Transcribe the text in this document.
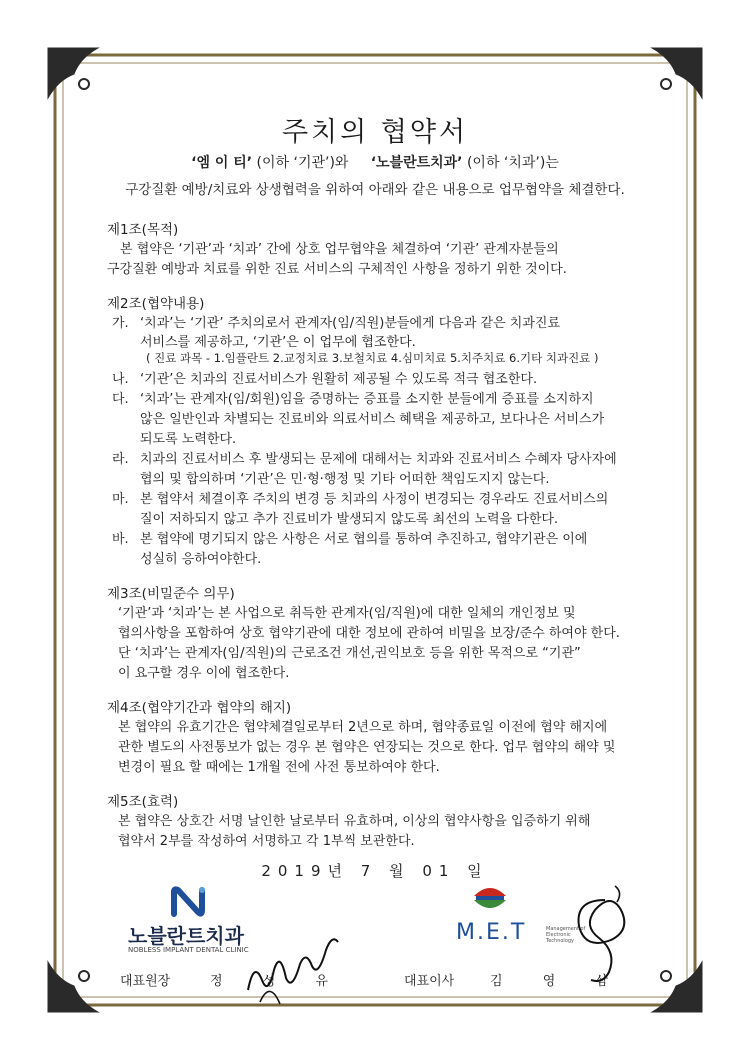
주치의 협약서
‘엠 이 티’ (이하 ‘기관’)와 ‘노블란트치과’ (이하 ‘치과’)는
구강질환 예방/치료와 상생협력을 위하여 아래와 같은 내용으로 업무협약을 체결한다.
제1조(목적)
본 협약은 ‘기관’과 ‘치과’ 간에 상호 업무협약을 체결하여 ‘기관’ 관계자분들의
구강질환 예방과 치료를 위한 진료 서비스의 구체적인 사항을 정하기 위한 것이다.
제2조(협약내용)
가. ‘치과’는 ‘기관’ 주치의로서 관계자(임/직원)분들에게 다음과 같은 치과진료
서비스를 제공하고, ‘기관’은 이 업무에 협조한다.
( 진료 과목 - 1.임플란트 2.교정치료 3.보철치료 4.심미치료 5.치주치료 6.기타 치과진료 )
나. ‘기관’은 치과의 진료서비스가 원활히 제공될 수 있도록 적극 협조한다.
다. ‘치과’는 관계자(임/회원)임을 증명하는 증표를 소지한 분들에게 증표를 소지하지
않은 일반인과 차별되는 진료비와 의료서비스 혜택을 제공하고, 보다나은 서비스가
되도록 노력한다.
라. 치과의 진료서비스 후 발생되는 문제에 대해서는 치과와 진료서비스 수혜자 당사자에
협의 및 합의하며 ‘기관’은 민·형·행정 및 기타 어떠한 책임도지지 않는다.
마. 본 협약서 체결이후 주치의 변경 등 치과의 사정이 변경되는 경우라도 진료서비스의
질이 저하되지 않고 추가 진료비가 발생되지 않도록 최선의 노력을 다한다.
바. 본 협약에 명기되지 않은 사항은 서로 협의를 통하여 추진하고, 협약기관은 이에
성실히 응하여야한다.
제3조(비밀준수 의무)
‘기관’과 ‘치과’는 본 사업으로 취득한 관계자(임/직원)에 대한 일체의 개인정보 및
협의사항을 포함하여 상호 협약기관에 대한 정보에 관하여 비밀을 보장/준수 하여야 한다.
단 ‘치과’는 관계자(임/직원)의 근로조건 개선,권익보호 등을 위한 목적으로 “기관”
이 요구할 경우 이에 협조한다.
제4조(협약기간과 협약의 해지)
본 협약의 유효기간은 협약체결일로부터 2년으로 하며, 협약종료일 이전에 협약 해지에
관한 별도의 사전통보가 없는 경우 본 협약은 연장되는 것으로 한다. 업무 협약의 해약 및
변경이 필요 할 때에는 1개월 전에 사전 통보하여야 한다.
제5조(효력)
본 협약은 상호간 서명 날인한 날로부터 유효하며, 이상의 협약사항을 입증하기 위해
협약서 2부를 작성하여 서명하고 각 1부씩 보관한다.
2019년 7 월 01 일
노블란트치과
NOBLESS IMPLANT DENTAL CLINIC
대표원장	정 성 유
M.E.T	Management of Electronic Technology
대표이사	김 영 삼
